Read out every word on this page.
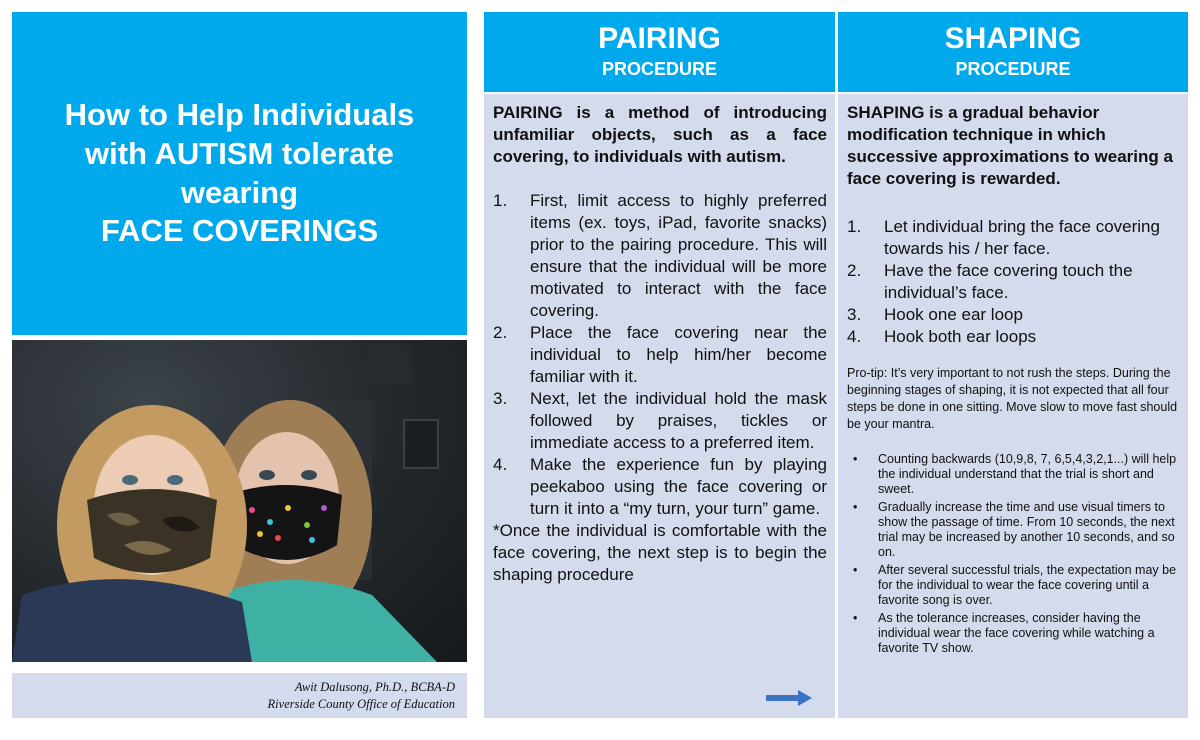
How to Help Individuals
with AUTISM tolerate
wearing
FACE COVERINGS
Awit Dalusong, Ph.D., BCBA-D
Riverside County Office of Education
PAIRING
PROCEDURE

PAIRING is a method of introducing unfamiliar objects, such as a face covering, to individuals with autism.

1.	First, limit access to highly preferred items (ex. toys, iPad, favorite snacks) prior to the pairing procedure. This will ensure that the individual will be more motivated to interact with the face covering.
2.	Place the face covering near the individual to help him/her become familiar with it.
3.	Next, let the individual hold the mask followed by praises, tickles or immediate access to a preferred item.
4.	Make the experience fun by playing peekaboo using the face covering or turn it into a “my turn, your turn” game.

*Once the individual is comfortable with the face covering, the next step is to begin the shaping procedure

SHAPING
PROCEDURE

SHAPING is a gradual behavior modification technique in which successive approximations to wearing a face covering is rewarded.

1.	Let individual bring the face covering towards his / her face.
2.	Have the face covering touch the individual’s face.
3.	Hook one ear loop
4.	Hook both ear loops

Pro-tip: It’s very important to not rush the steps. During the beginning stages of shaping, it is not expected that all four steps be done in one sitting. Move slow to move fast should be your mantra.

•	Counting backwards (10,9,8, 7, 6,5,4,3,2,1...) will help the individual understand that the trial is short and sweet.
•	Gradually increase the time and use visual timers to show the passage of time. From 10 seconds, the next trial may be increased by another 10 seconds, and so on.
•	After several successful trials, the expectation may be for the individual to wear the face covering until a favorite song is over.
•	As the tolerance increases, consider having the individual wear the face covering while watching a favorite TV show.
